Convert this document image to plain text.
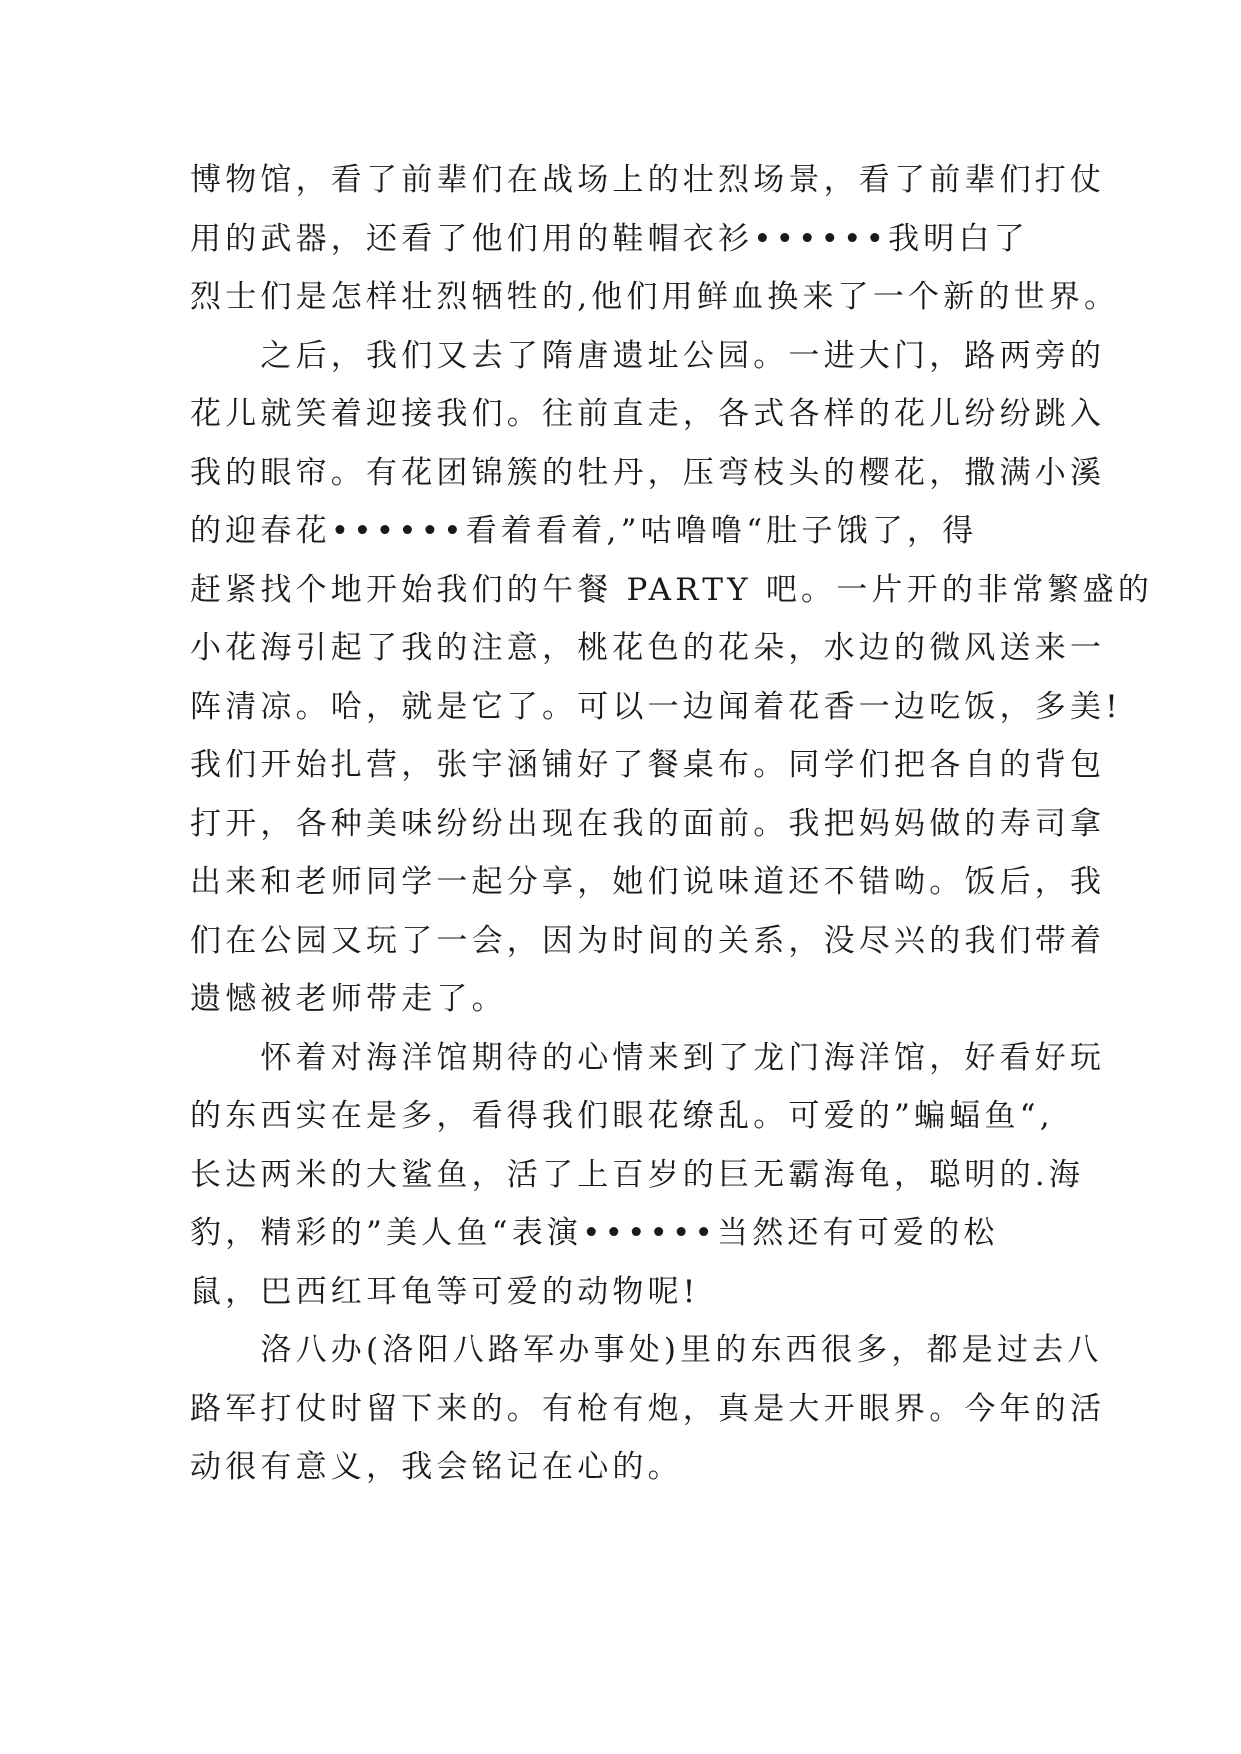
博物馆，看了前辈们在战场上的壮烈场景，看了前辈们打仗
用的武器，还看了他们用的鞋帽衣衫••••••我明白了
烈士们是怎样壮烈牺牲的,他们用鲜血换来了一个新的世界。
　　之后，我们又去了隋唐遗址公园。一进大门，路两旁的
花儿就笑着迎接我们。往前直走，各式各样的花儿纷纷跳入
我的眼帘。有花团锦簇的牡丹，压弯枝头的樱花，撒满小溪
的迎春花••••••看着看着,”咕噜噜“肚子饿了，得
赶紧找个地开始我们的午餐 PARTY 吧。一片开的非常繁盛的
小花海引起了我的注意，桃花色的花朵，水边的微风送来一
阵清凉。哈，就是它了。可以一边闻着花香一边吃饭，多美!
我们开始扎营，张宇涵铺好了餐桌布。同学们把各自的背包
打开，各种美味纷纷出现在我的面前。我把妈妈做的寿司拿
出来和老师同学一起分享，她们说味道还不错呦。饭后，我
们在公园又玩了一会，因为时间的关系，没尽兴的我们带着
遗憾被老师带走了。
　　怀着对海洋馆期待的心情来到了龙门海洋馆，好看好玩
的东西实在是多，看得我们眼花缭乱。可爱的”蝙蝠鱼“,
长达两米的大鲨鱼，活了上百岁的巨无霸海龟，聪明的.海
豹，精彩的”美人鱼“表演••••••当然还有可爱的松
鼠，巴西红耳龟等可爱的动物呢!
　　洛八办(洛阳八路军办事处)里的东西很多，都是过去八
路军打仗时留下来的。有枪有炮，真是大开眼界。今年的活
动很有意义，我会铭记在心的。
